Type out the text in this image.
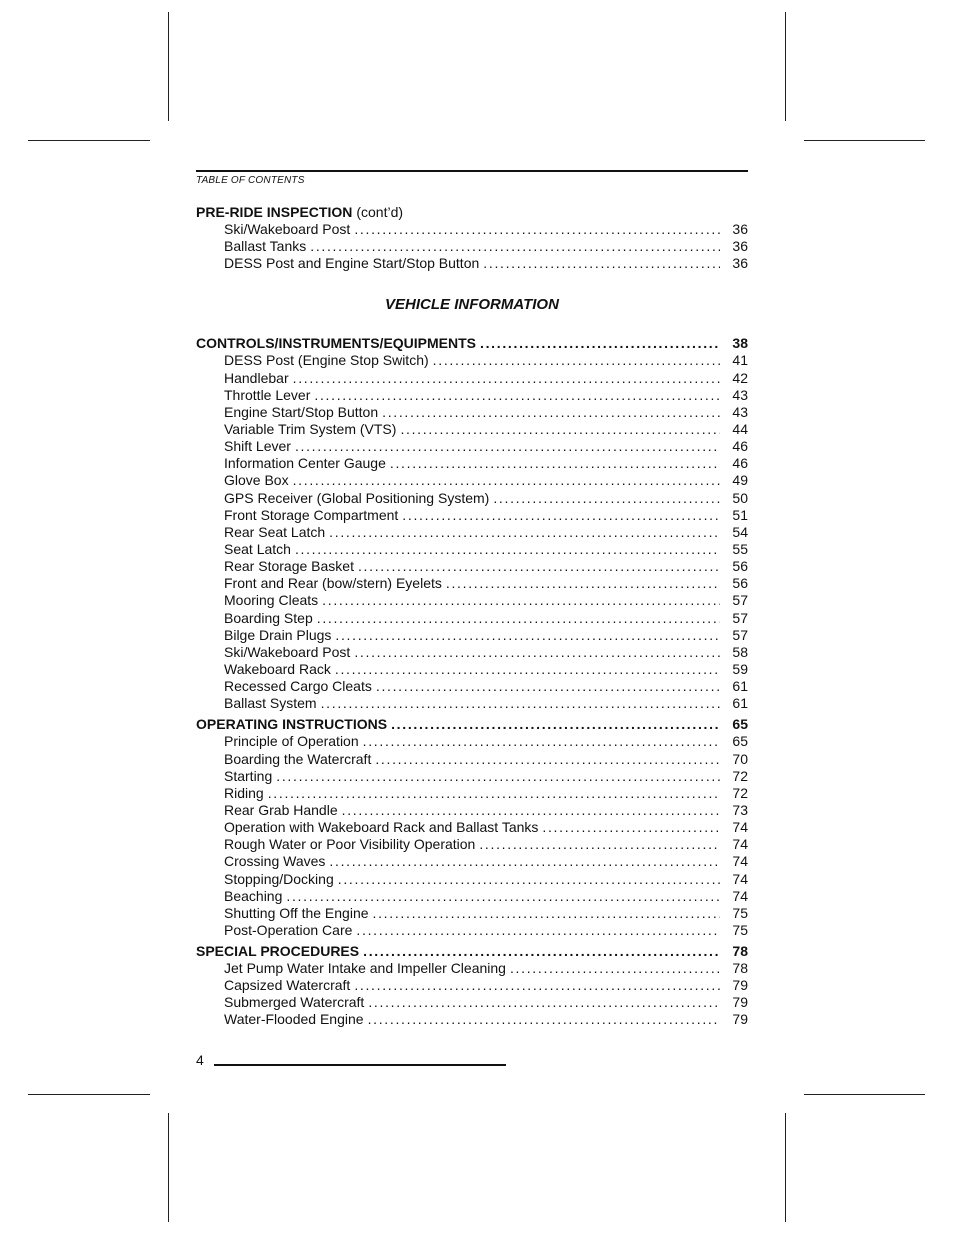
TABLE OF CONTENTS
PRE-RIDE INSPECTION (cont’d)
Ski/Wakeboard Post . . .	36
Ballast Tanks . . .	36
DESS Post and Engine Start/Stop Button . . .	36
VEHICLE INFORMATION
CONTROLS/INSTRUMENTS/EQUIPMENTS . . .	38
DESS Post (Engine Stop Switch) . . .	41
Handlebar . . .	42
Throttle Lever . . .	43
Engine Start/Stop Button . . .	43
Variable Trim System (VTS) . . .	44
Shift Lever . . .	46
Information Center Gauge . . .	46
Glove Box . . .	49
GPS Receiver (Global Positioning System) . . .	50
Front Storage Compartment . . .	51
Rear Seat Latch . . .	54
Seat Latch . . .	55
Rear Storage Basket . . .	56
Front and Rear (bow/stern) Eyelets . . .	56
Mooring Cleats . . .	57
Boarding Step . . .	57
Bilge Drain Plugs . . .	57
Ski/Wakeboard Post . . .	58
Wakeboard Rack . . .	59
Recessed Cargo Cleats . . .	61
Ballast System . . .	61
OPERATING INSTRUCTIONS . . .	65
Principle of Operation . . .	65
Boarding the Watercraft . . .	70
Starting . . .	72
Riding . . .	72
Rear Grab Handle . . .	73
Operation with Wakeboard Rack and Ballast Tanks . . .	74
Rough Water or Poor Visibility Operation . . .	74
Crossing Waves . . .	74
Stopping/Docking . . .	74
Beaching . . .	74
Shutting Off the Engine . . .	75
Post-Operation Care . . .	75
SPECIAL PROCEDURES . . .	78
Jet Pump Water Intake and Impeller Cleaning . . .	78
Capsized Watercraft . . .	79
Submerged Watercraft . . .	79
Water-Flooded Engine . . .	79
4
